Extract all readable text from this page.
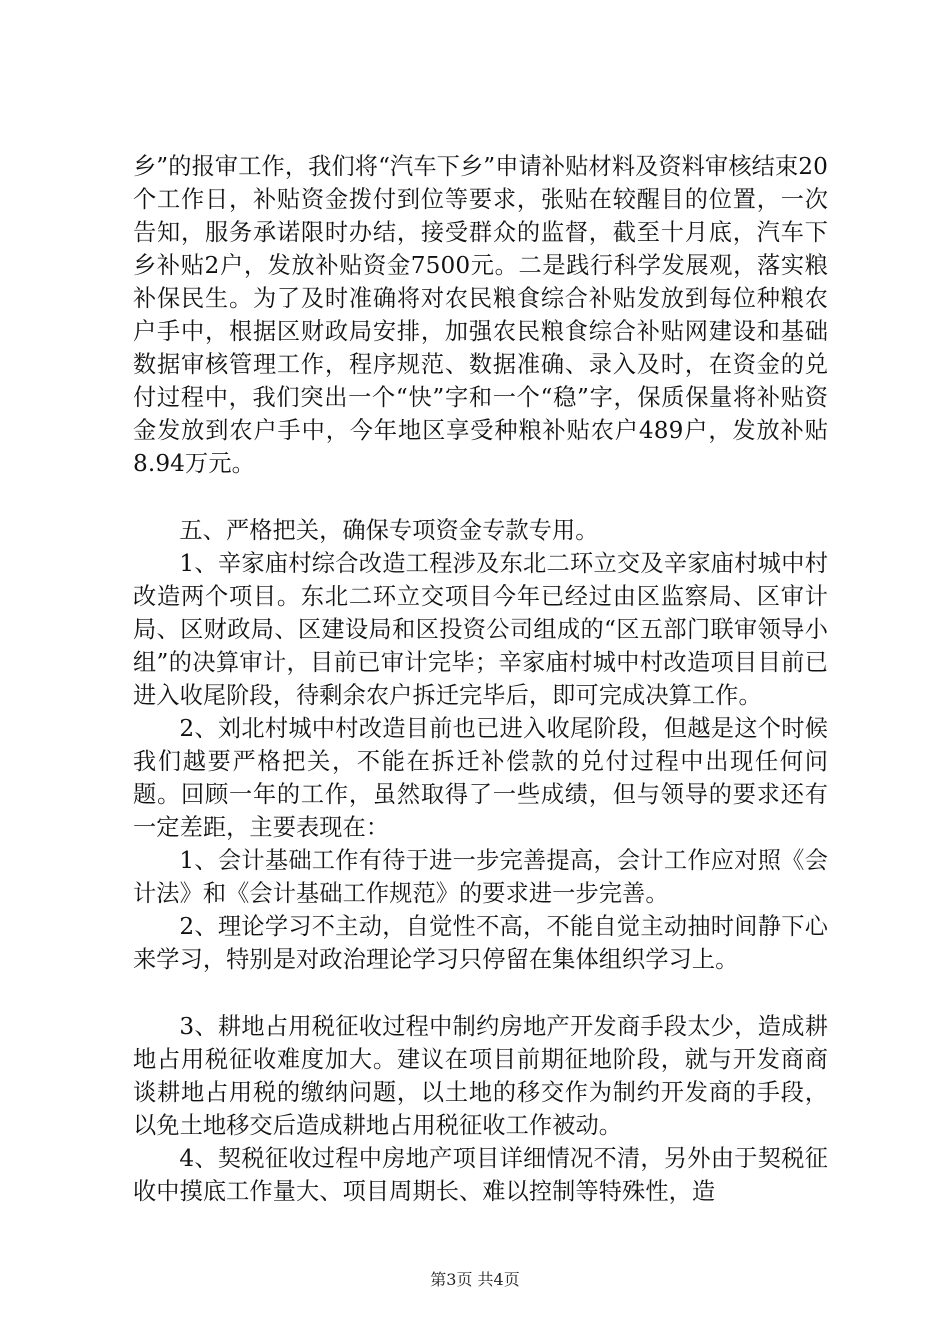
乡”的报审工作，我们将“汽车下乡”申请补贴材料及资料审核结束20个工作日，补贴资金拨付到位等要求，张贴在较醒目的位置，一次告知，服务承诺限时办结，接受群众的监督，截至十月底，汽车下乡补贴2户，发放补贴资金7500元。二是践行科学发展观，落实粮补保民生。为了及时准确将对农民粮食综合补贴发放到每位种粮农户手中，根据区财政局安排，加强农民粮食综合补贴网建设和基础数据审核管理工作，程序规范、数据准确、录入及时，在资金的兑付过程中，我们突出一个“快”字和一个“稳”字，保质保量将补贴资金发放到农户手中，今年地区享受种粮补贴农户489户，发放补贴8.94万元。

五、严格把关，确保专项资金专款专用。

1、辛家庙村综合改造工程涉及东北二环立交及辛家庙村城中村改造两个项目。东北二环立交项目今年已经过由区监察局、区审计局、区财政局、区建设局和区投资公司组成的“区五部门联审领导小组”的决算审计，目前已审计完毕；辛家庙村城中村改造项目目前已进入收尾阶段，待剩余农户拆迁完毕后，即可完成决算工作。

2、刘北村城中村改造目前也已进入收尾阶段，但越是这个时候我们越要严格把关，不能在拆迁补偿款的兑付过程中出现任何问题。回顾一年的工作，虽然取得了一些成绩，但与领导的要求还有一定差距，主要表现在：

1、会计基础工作有待于进一步完善提高，会计工作应对照《会计法》和《会计基础工作规范》的要求进一步完善。

2、理论学习不主动，自觉性不高，不能自觉主动抽时间静下心来学习，特别是对政治理论学习只停留在集体组织学习上。

3、耕地占用税征收过程中制约房地产开发商手段太少，造成耕地占用税征收难度加大。建议在项目前期征地阶段，就与开发商商谈耕地占用税的缴纳问题，以土地的移交作为制约开发商的手段，以免土地移交后造成耕地占用税征收工作被动。

4、契税征收过程中房地产项目详细情况不清，另外由于契税征收中摸底工作量大、项目周期长、难以控制等特殊性，造

第3页 共4页
